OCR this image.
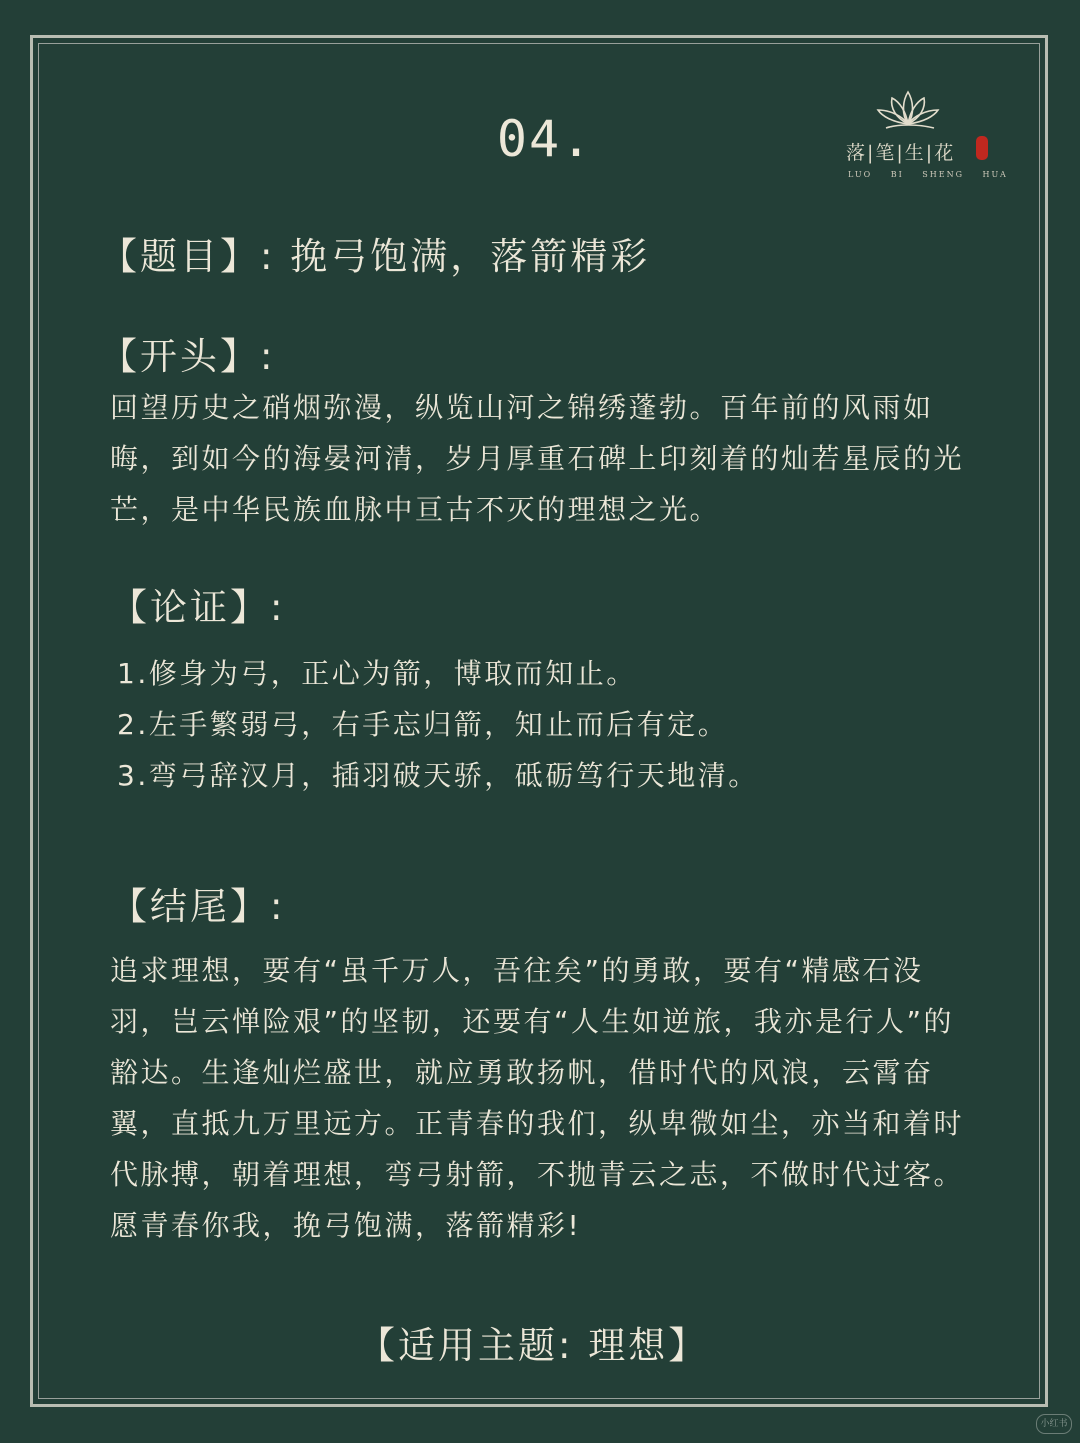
04.	落|笔|生|花
LUO BI SHENG HUA
【题目】: 挽弓饱满，落箭精彩
【开头】:
回望历史之硝烟弥漫，纵览山河之锦绣蓬勃。百年前的风雨如晦，到如今的海晏河清，岁月厚重石碑上印刻着的灿若星辰的光芒，是中华民族血脉中亘古不灭的理想之光。
【论证】:
1.修身为弓，正心为箭，博取而知止。
2.左手繁弱弓，右手忘归箭，知止而后有定。
3.弯弓辞汉月，插羽破天骄，砥砺笃行天地清。
【结尾】:
追求理想，要有“虽千万人，吾往矣”的勇敢，要有“精感石没羽，岂云惮险艰”的坚韧，还要有“人生如逆旅，我亦是行人”的豁达。生逢灿烂盛世，就应勇敢扬帆，借时代的风浪，云霄奋翼，直抵九万里远方。正青春的我们，纵卑微如尘，亦当和着时代脉搏，朝着理想，弯弓射箭，不抛青云之志，不做时代过客。愿青春你我，挽弓饱满，落箭精彩!
【适用主题: 理想】
小红书
